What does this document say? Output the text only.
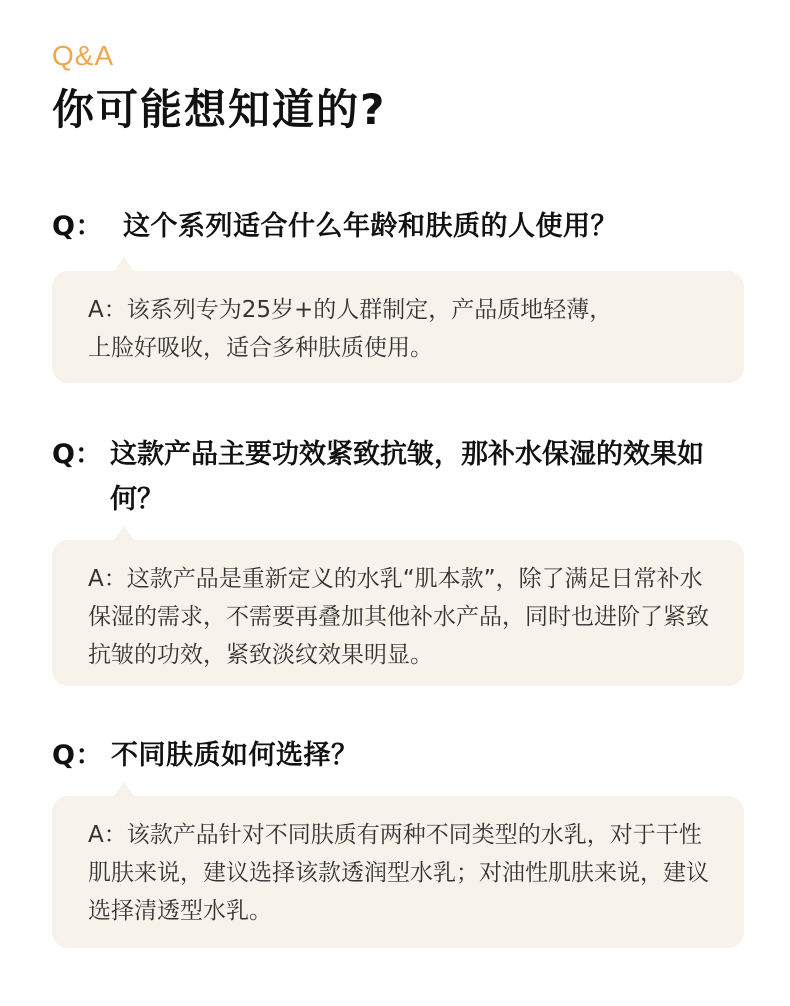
Q&A
你可能想知道的?
Q： 这个系列适合什么年龄和肤质的人使用？
A：该系列专为25岁+的人群制定，产品质地轻薄，上脸好吸收，适合多种肤质使用。
Q： 这款产品主要功效紧致抗皱，那补水保湿的效果如何？
A：这款产品是重新定义的水乳“肌本款”，除了满足日常补水保湿的需求，不需要再叠加其他补水产品，同时也进阶了紧致抗皱的功效，紧致淡纹效果明显。
Q： 不同肤质如何选择？
A：该款产品针对不同肤质有两种不同类型的水乳，对于干性肌肤来说，建议选择该款透润型水乳；对油性肌肤来说，建议选择清透型水乳。
